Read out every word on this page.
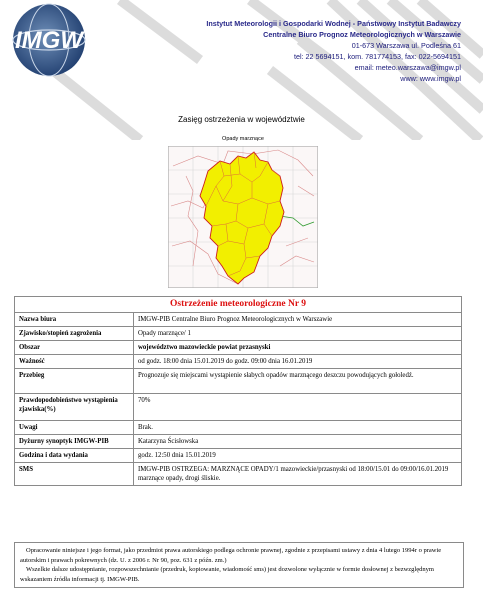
IMGW
Instytut Meteorologii i Gospodarki Wodnej - Państwowy Instytut Badawczy
Centralne Biuro Prognoz Meteorologicznych w Warszawie
01-673 Warszawa ul. Podleśna 61
tel: 22 5694151, kom. 781774153, fax: 022-5694151
email: meteo.warszawa@imgw.pl
www: www.imgw.pl
Zasięg ostrzeżenia w województwie
Opady marznące
Ostrzeżenie meteorologiczne Nr 9	
Nazwa biura	IMGW-PIB Centralne Biuro Prognoz Meteorologicznych w Warszawie
Zjawisko/stopień zagrożenia	Opady marznące/ 1
Obszar	województwo mazowieckie powiat przasnyski
Ważność	od godz. 18:00 dnia 15.01.2019 do godz. 09:00 dnia 16.01.2019
Przebieg	Prognozuje się miejscami wystąpienie słabych opadów marznącego deszczu powodujących gołoledź.
Prawdopodobieństwo wystąpienia zjawiska(%)	70%
Uwagi	Brak.
Dyżurny synoptyk IMGW-PIB	Katarzyna Ścisłowska
Godzina i data wydania	godz. 12:50 dnia 15.01.2019
SMS	IMGW-PIB OSTRZEGA: MARZNĄCE OPADY/1 mazowieckie/przasnyski od 18:00/15.01 do 09:00/16.01.2019 marznące opady, drogi śliskie.

Opracowanie niniejsze i jego format, jako przedmiot prawa autorskiego podlega ochronie prawnej, zgodnie z przepisami ustawy z dnia 4 lutego 1994r o prawie autorskim i prawach pokrewnych (dz. U. z 2006 r. Nr 90, poz. 631 z późn. zm.)

Wszelkie dalsze udostępnianie, rozpowszechnianie (przedruk, kopiowanie, wiadomość sms) jest dozwolone wyłącznie w formie dosłownej z bezwzględnym wskazaniem źródła informacji tj. IMGW-PIB.
